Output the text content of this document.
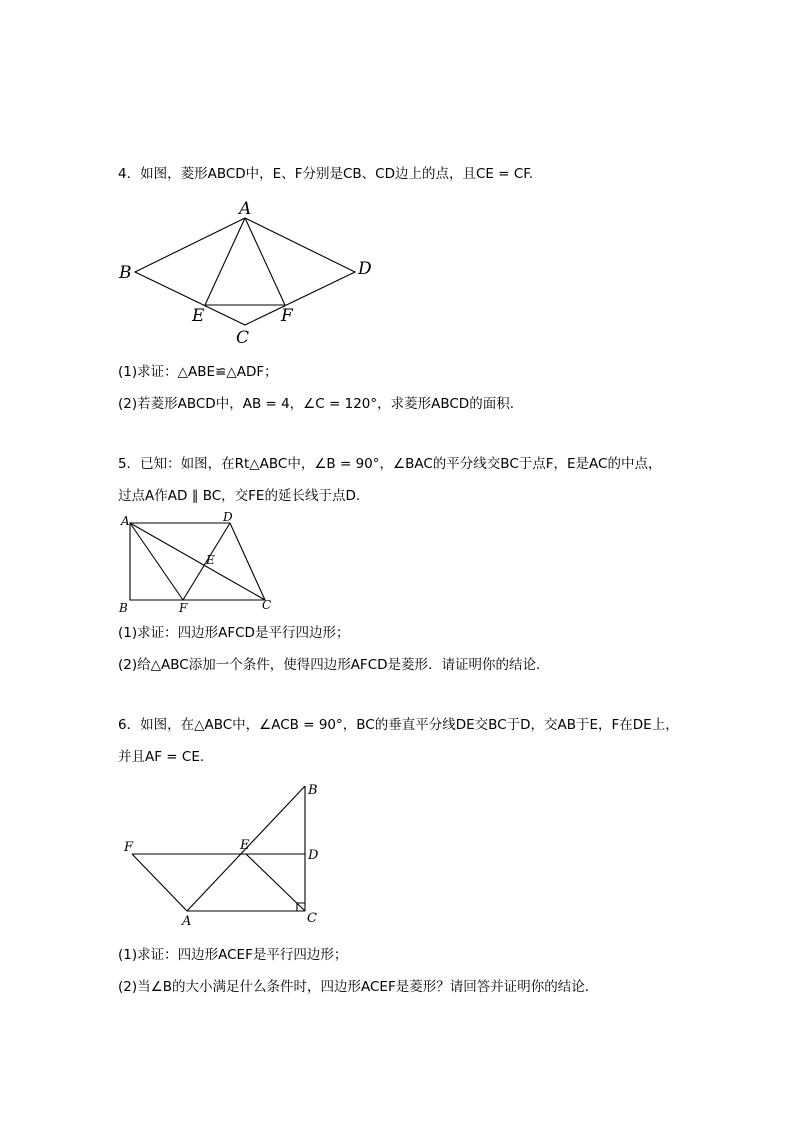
4．如图，菱形ABCD中，E、F分别是CB、CD边上的点，且CE = CF.
A
B
C
D
E	F
(1)求证：△ABE≌△ADF；
(2)若菱形ABCD中，AB = 4，∠C = 120°，求菱形ABCD的面积.
5．已知：如图，在Rt△ABC中，∠B = 90°，∠BAC的平分线交BC于点F，E是AC的中点，
过点A作AD ∥ BC，交FE的延长线于点D.
A
B	C
D
E
F
(1)求证：四边形AFCD是平行四边形；
(2)给△ABC添加一个条件，使得四边形AFCD是菱形．请证明你的结论.
6．如图，在△ABC中，∠ACB = 90°，BC的垂直平分线DE交BC于D，交AB于E，F在DE上，
并且AF = CE.
A
B
C
D
E
F
(1)求证：四边形ACEF是平行四边形；
(2)当∠B的大小满足什么条件时，四边形ACEF是菱形？请回答并证明你的结论.
